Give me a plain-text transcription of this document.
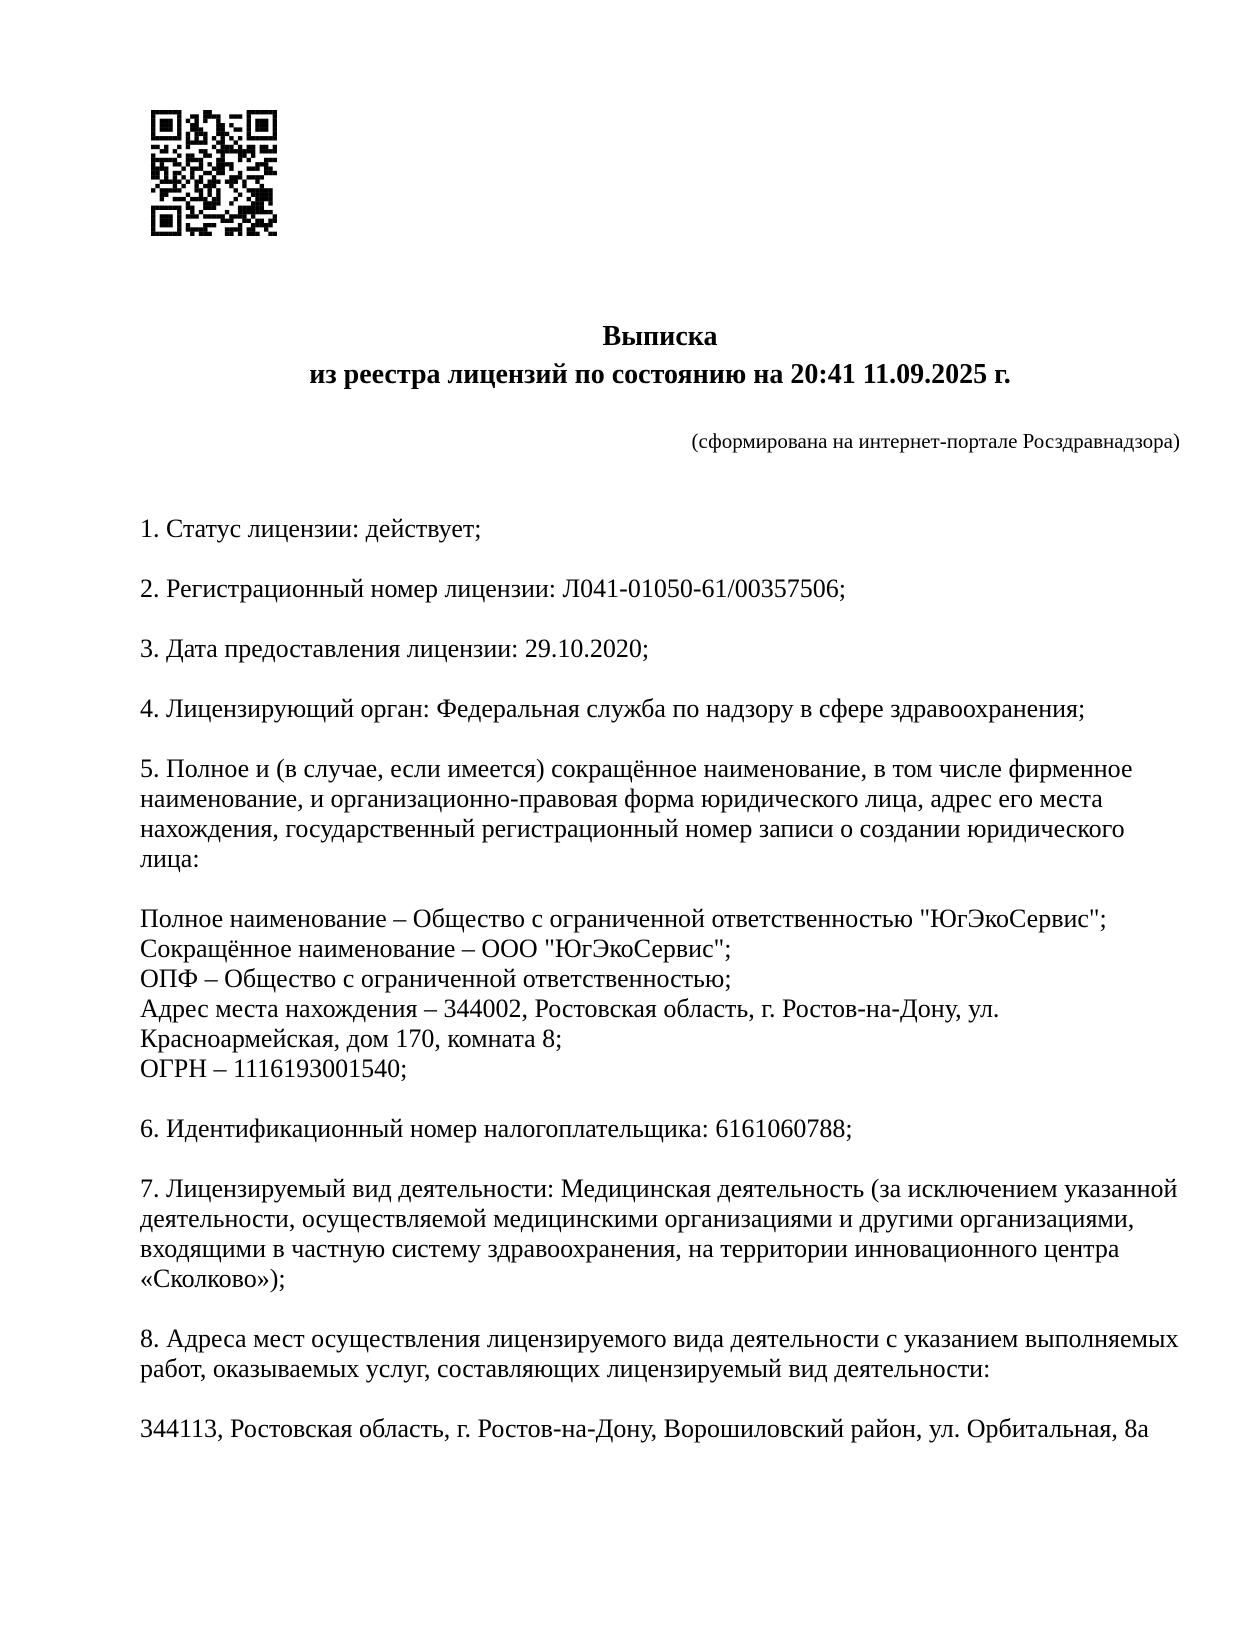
Выписка
из реестра лицензий по состоянию на 20:41 11.09.2025 г.
(сформирована на интернет-портале Росздравнадзора)

1. Статус лицензии: действует;

2. Регистрационный номер лицензии: Л041-01050-61/00357506;

3. Дата предоставления лицензии: 29.10.2020;

4. Лицензирующий орган: Федеральная служба по надзору в сфере здравоохранения;

5. Полное и (в случае, если имеется) сокращённое наименование, в том числе фирменное наименование, и организационно-правовая форма юридического лица, адрес его места нахождения, государственный регистрационный номер записи о создании юридического лица:

Полное наименование – Общество с ограниченной ответственностью "ЮгЭкоСервис";
Сокращённое наименование – ООО "ЮгЭкоСервис";
ОПФ – Общество с ограниченной ответственностью;
Адрес места нахождения – 344002, Ростовская область, г. Ростов-на-Дону, ул. Красноармейская, дом 170, комната 8;
ОГРН – 1116193001540;

6. Идентификационный номер налогоплательщика: 6161060788;

7. Лицензируемый вид деятельности: Медицинская деятельность (за исключением указанной деятельности, осуществляемой медицинскими организациями и другими организациями, входящими в частную систему здравоохранения, на территории инновационного центра «Сколково»);

8. Адреса мест осуществления лицензируемого вида деятельности с указанием выполняемых работ, оказываемых услуг, составляющих лицензируемый вид деятельности:

344113, Ростовская область, г. Ростов-на-Дону, Ворошиловский район, ул. Орбитальная, 8а
